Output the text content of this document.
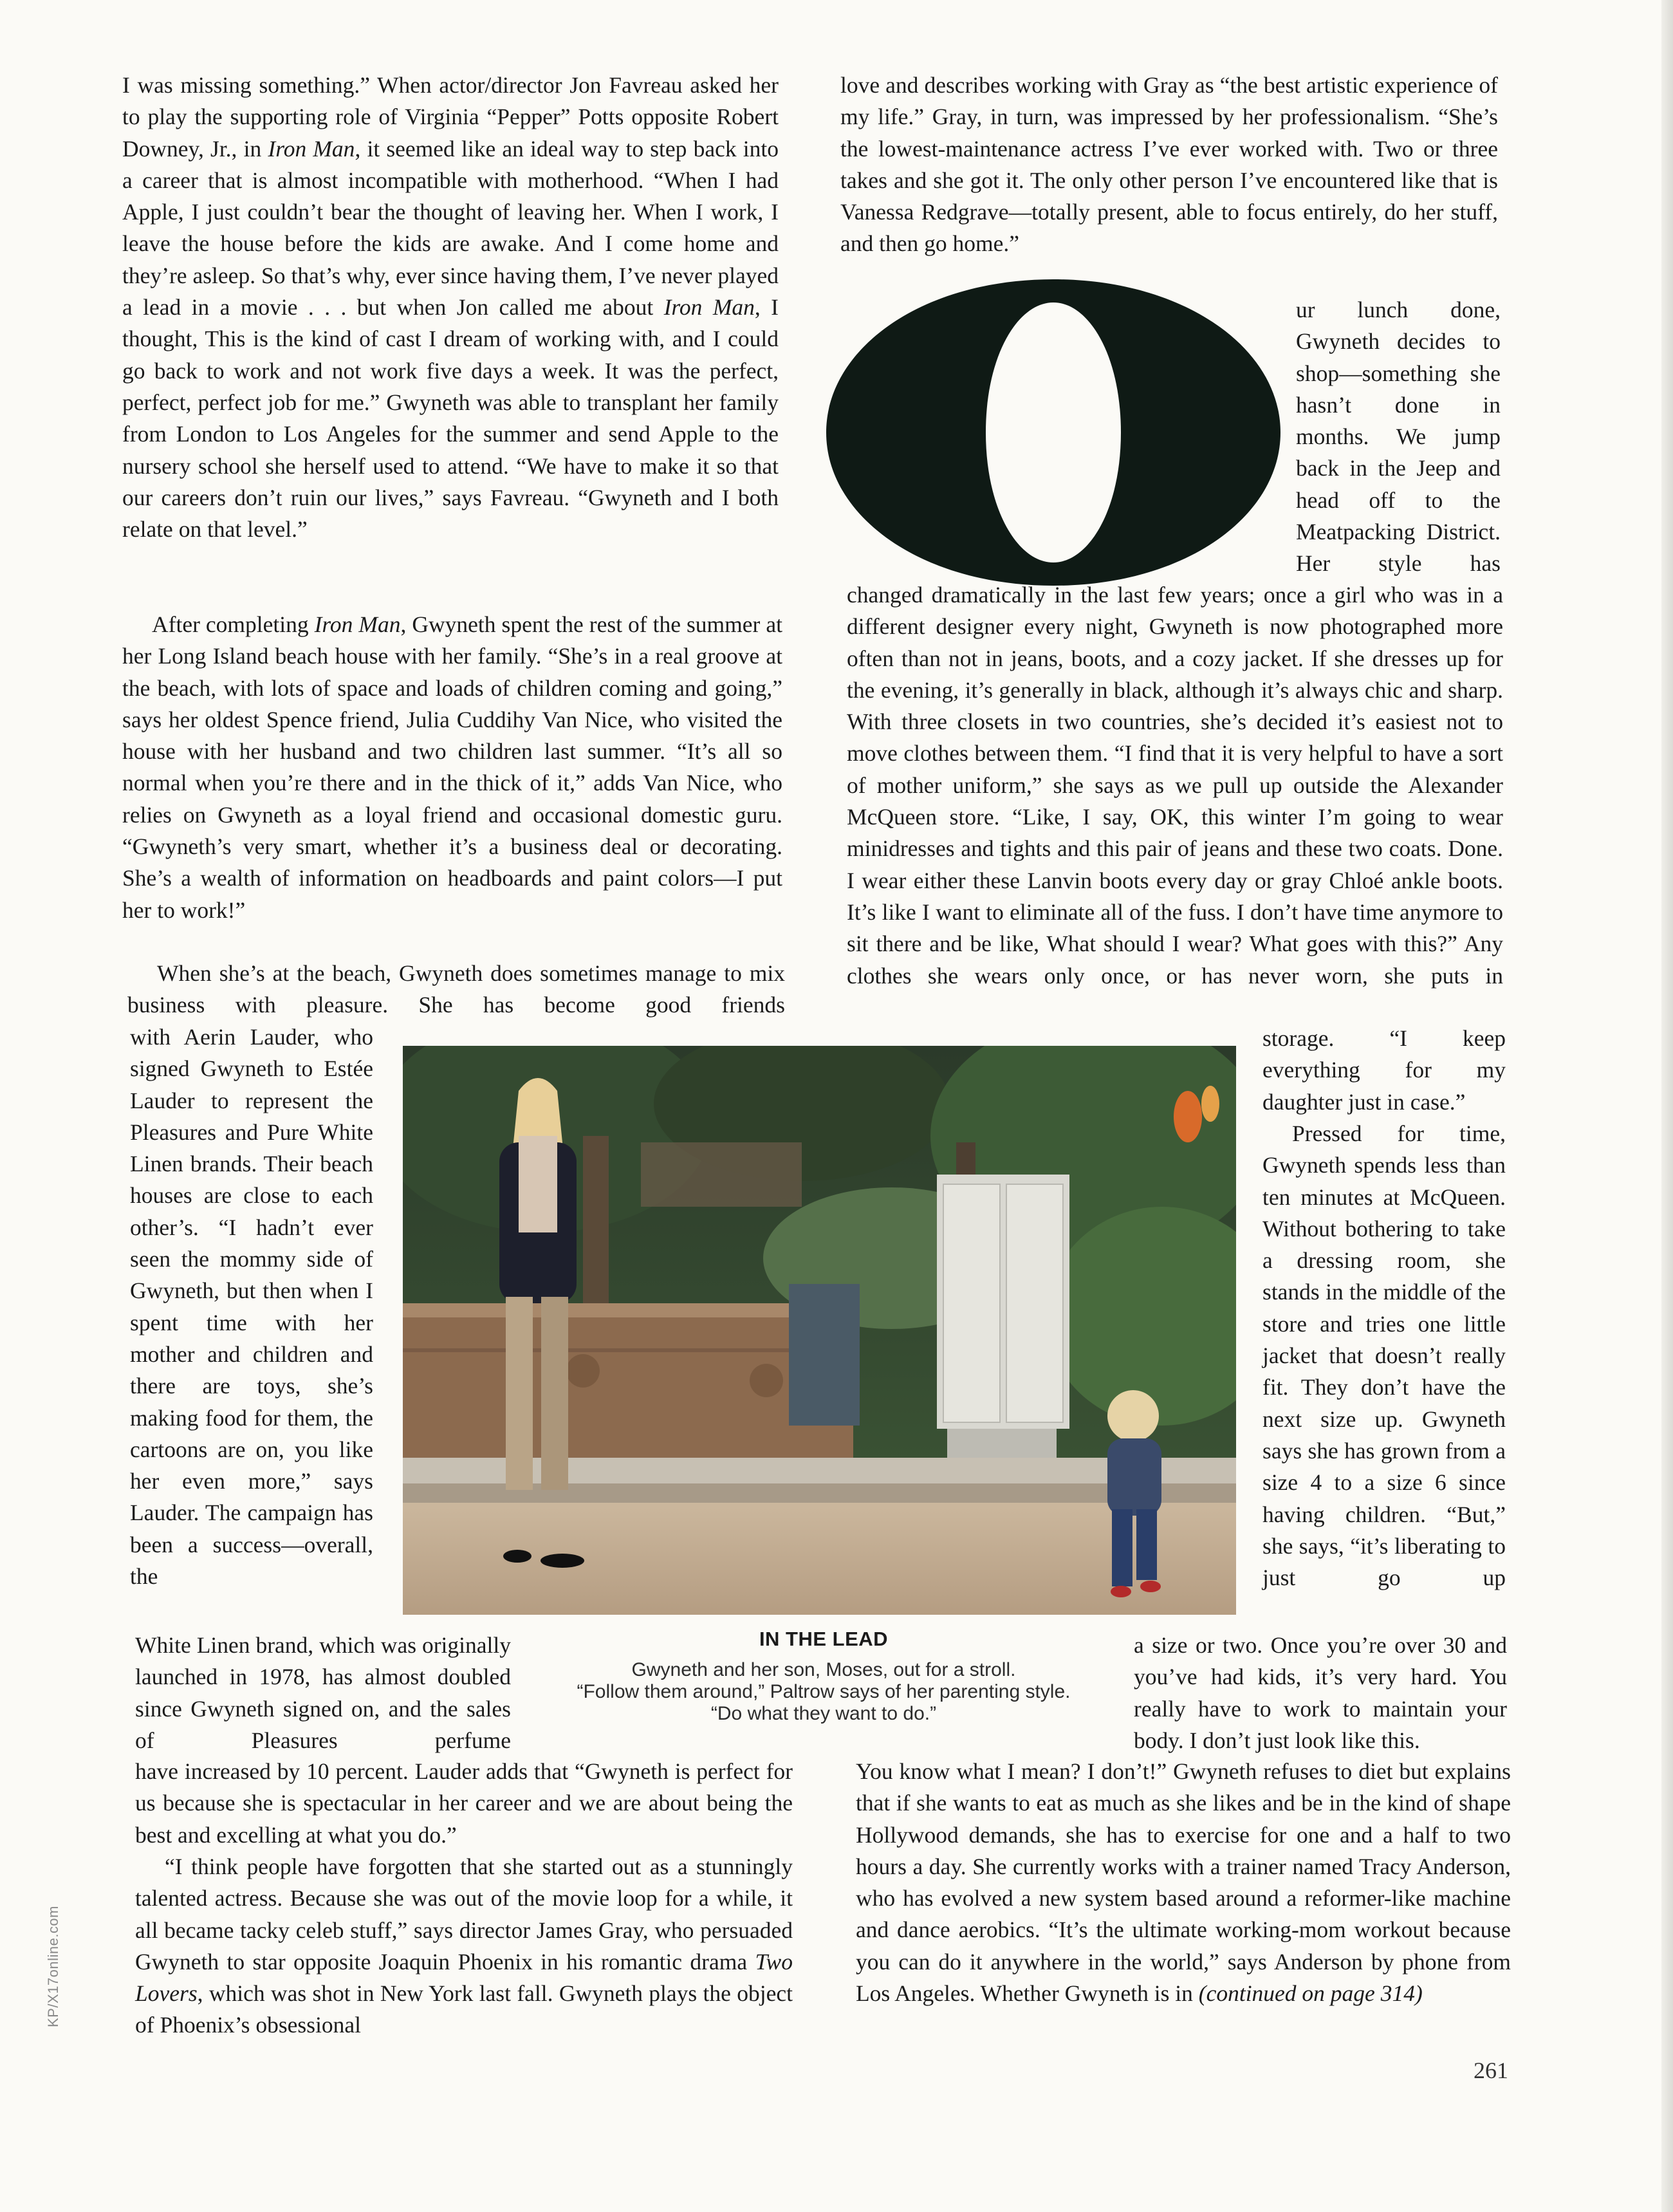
I was missing something.” When actor/director Jon Favreau asked her to play the supporting role of Virginia “Pepper” Potts opposite Robert Downey, Jr., in Iron Man, it seemed like an ideal way to step back into a career that is almost incompatible with motherhood. “When I had Apple, I just couldn’t bear the thought of leaving her. When I work, I leave the house before the kids are awake. And I come home and they’re asleep. So that’s why, ever since having them, I’ve never played a lead in a movie . . . but when Jon called me about Iron Man, I thought, This is the kind of cast I dream of working with, and I could go back to work and not work five days a week. It was the perfect, perfect, perfect job for me.” Gwyneth was able to transplant her family from London to Los Angeles for the summer and send Apple to the nursery school she herself used to attend. “We have to make it so that our careers don’t ruin our lives,” says Favreau. “Gwyneth and I both relate on that level.”

After completing Iron Man, Gwyneth spent the rest of the summer at her Long Island beach house with her family. “She’s in a real groove at the beach, with lots of space and loads of children coming and going,” says her oldest Spence friend, Julia Cuddihy Van Nice, who visited the house with her husband and two children last summer. “It’s all so normal when you’re there and in the thick of it,” adds Van Nice, who relies on Gwyneth as a loyal friend and occasional domestic guru. “Gwyneth’s very smart, whether it’s a business deal or decorating. She’s a wealth of information on headboards and paint colors—I put her to work!”

When she’s at the beach, Gwyneth does sometimes manage to mix business with pleasure. She has become good friends

with Aerin Lauder, who signed Gwyneth to Estée Lauder to represent the Pleasures and Pure White Linen brands. Their beach houses are close to each other’s. “I hadn’t ever seen the mommy side of Gwyneth, but then when I spent time with her mother and children and there are toys, she’s making food for them, the cartoons are on, you like her even more,” says Lauder. The campaign has been a success—overall, the

White Linen brand, which was originally launched in 1978, has almost doubled since Gwyneth signed on, and the sales of Pleasures perfume

have increased by 10 percent. Lauder adds that “Gwyneth is perfect for us because she is spectacular in her career and we are about being the best and excelling at what you do.”

“I think people have forgotten that she started out as a stunningly talented actress. Because she was out of the movie loop for a while, it all became tacky celeb stuff,” says director James Gray, who persuaded Gwyneth to star opposite Joaquin Phoenix in his romantic drama Two Lovers, which was shot in New York last fall. Gwyneth plays the object of Phoenix’s obsessional

love and describes working with Gray as “the best artistic experience of my life.” Gray, in turn, was impressed by her professionalism. “She’s the lowest-maintenance actress I’ve ever worked with. Two or three takes and she got it. The only other person I’ve encountered like that is Vanessa Redgrave—totally present, able to focus entirely, do her stuff, and then go home.”

ur lunch done, Gwyneth decides to shop—something she hasn’t done in months. We jump back in the Jeep and head off to the Meatpacking District. Her style has

changed dramatically in the last few years; once a girl who was in a different designer every night, Gwyneth is now photographed more often than not in jeans, boots, and a cozy jacket. If she dresses up for the evening, it’s generally in black, although it’s always chic and sharp. With three closets in two countries, she’s decided it’s easiest not to move clothes between them. “I find that it is very helpful to have a sort of mother uniform,” she says as we pull up outside the Alexander McQueen store. “Like, I say, OK, this winter I’m going to wear minidresses and tights and this pair of jeans and these two coats. Done. I wear either these Lanvin boots every day or gray Chloé ankle boots. It’s like I want to eliminate all of the fuss. I don’t have time anymore to sit there and be like, What should I wear? What goes with this?” Any clothes she wears only once, or has never worn, she puts in

storage. “I keep everything for my daughter just in case.”

Pressed for time, Gwyneth spends less than ten minutes at McQueen. Without bothering to take a dressing room, she stands in the middle of the store and tries one little jacket that doesn’t really fit. They don’t have the next size up. Gwyneth says she has grown from a size 4 to a size 6 since having children. “But,” she says, “it’s liberating to just go up

a size or two. Once you’re over 30 and you’ve had kids, it’s very hard. You really have to work to maintain your body. I don’t just look like this.

You know what I mean? I don’t!” Gwyneth refuses to diet but explains that if she wants to eat as much as she likes and be in the kind of shape Hollywood demands, she has to exercise for one and a half to two hours a day. She currently works with a trainer named Tracy Anderson, who has evolved a new system based around a reformer-like machine and dance aerobics. “It’s the ultimate working-mom workout because you can do it anywhere in the world,” says Anderson by phone from Los Angeles. Whether Gwyneth is in (continued on page 314)

IN THE LEAD
Gwyneth and her son, Moses, out for a stroll.
“Follow them around,” Paltrow says of her parenting style.
“Do what they want to do.”
KP/X17online.com
261
